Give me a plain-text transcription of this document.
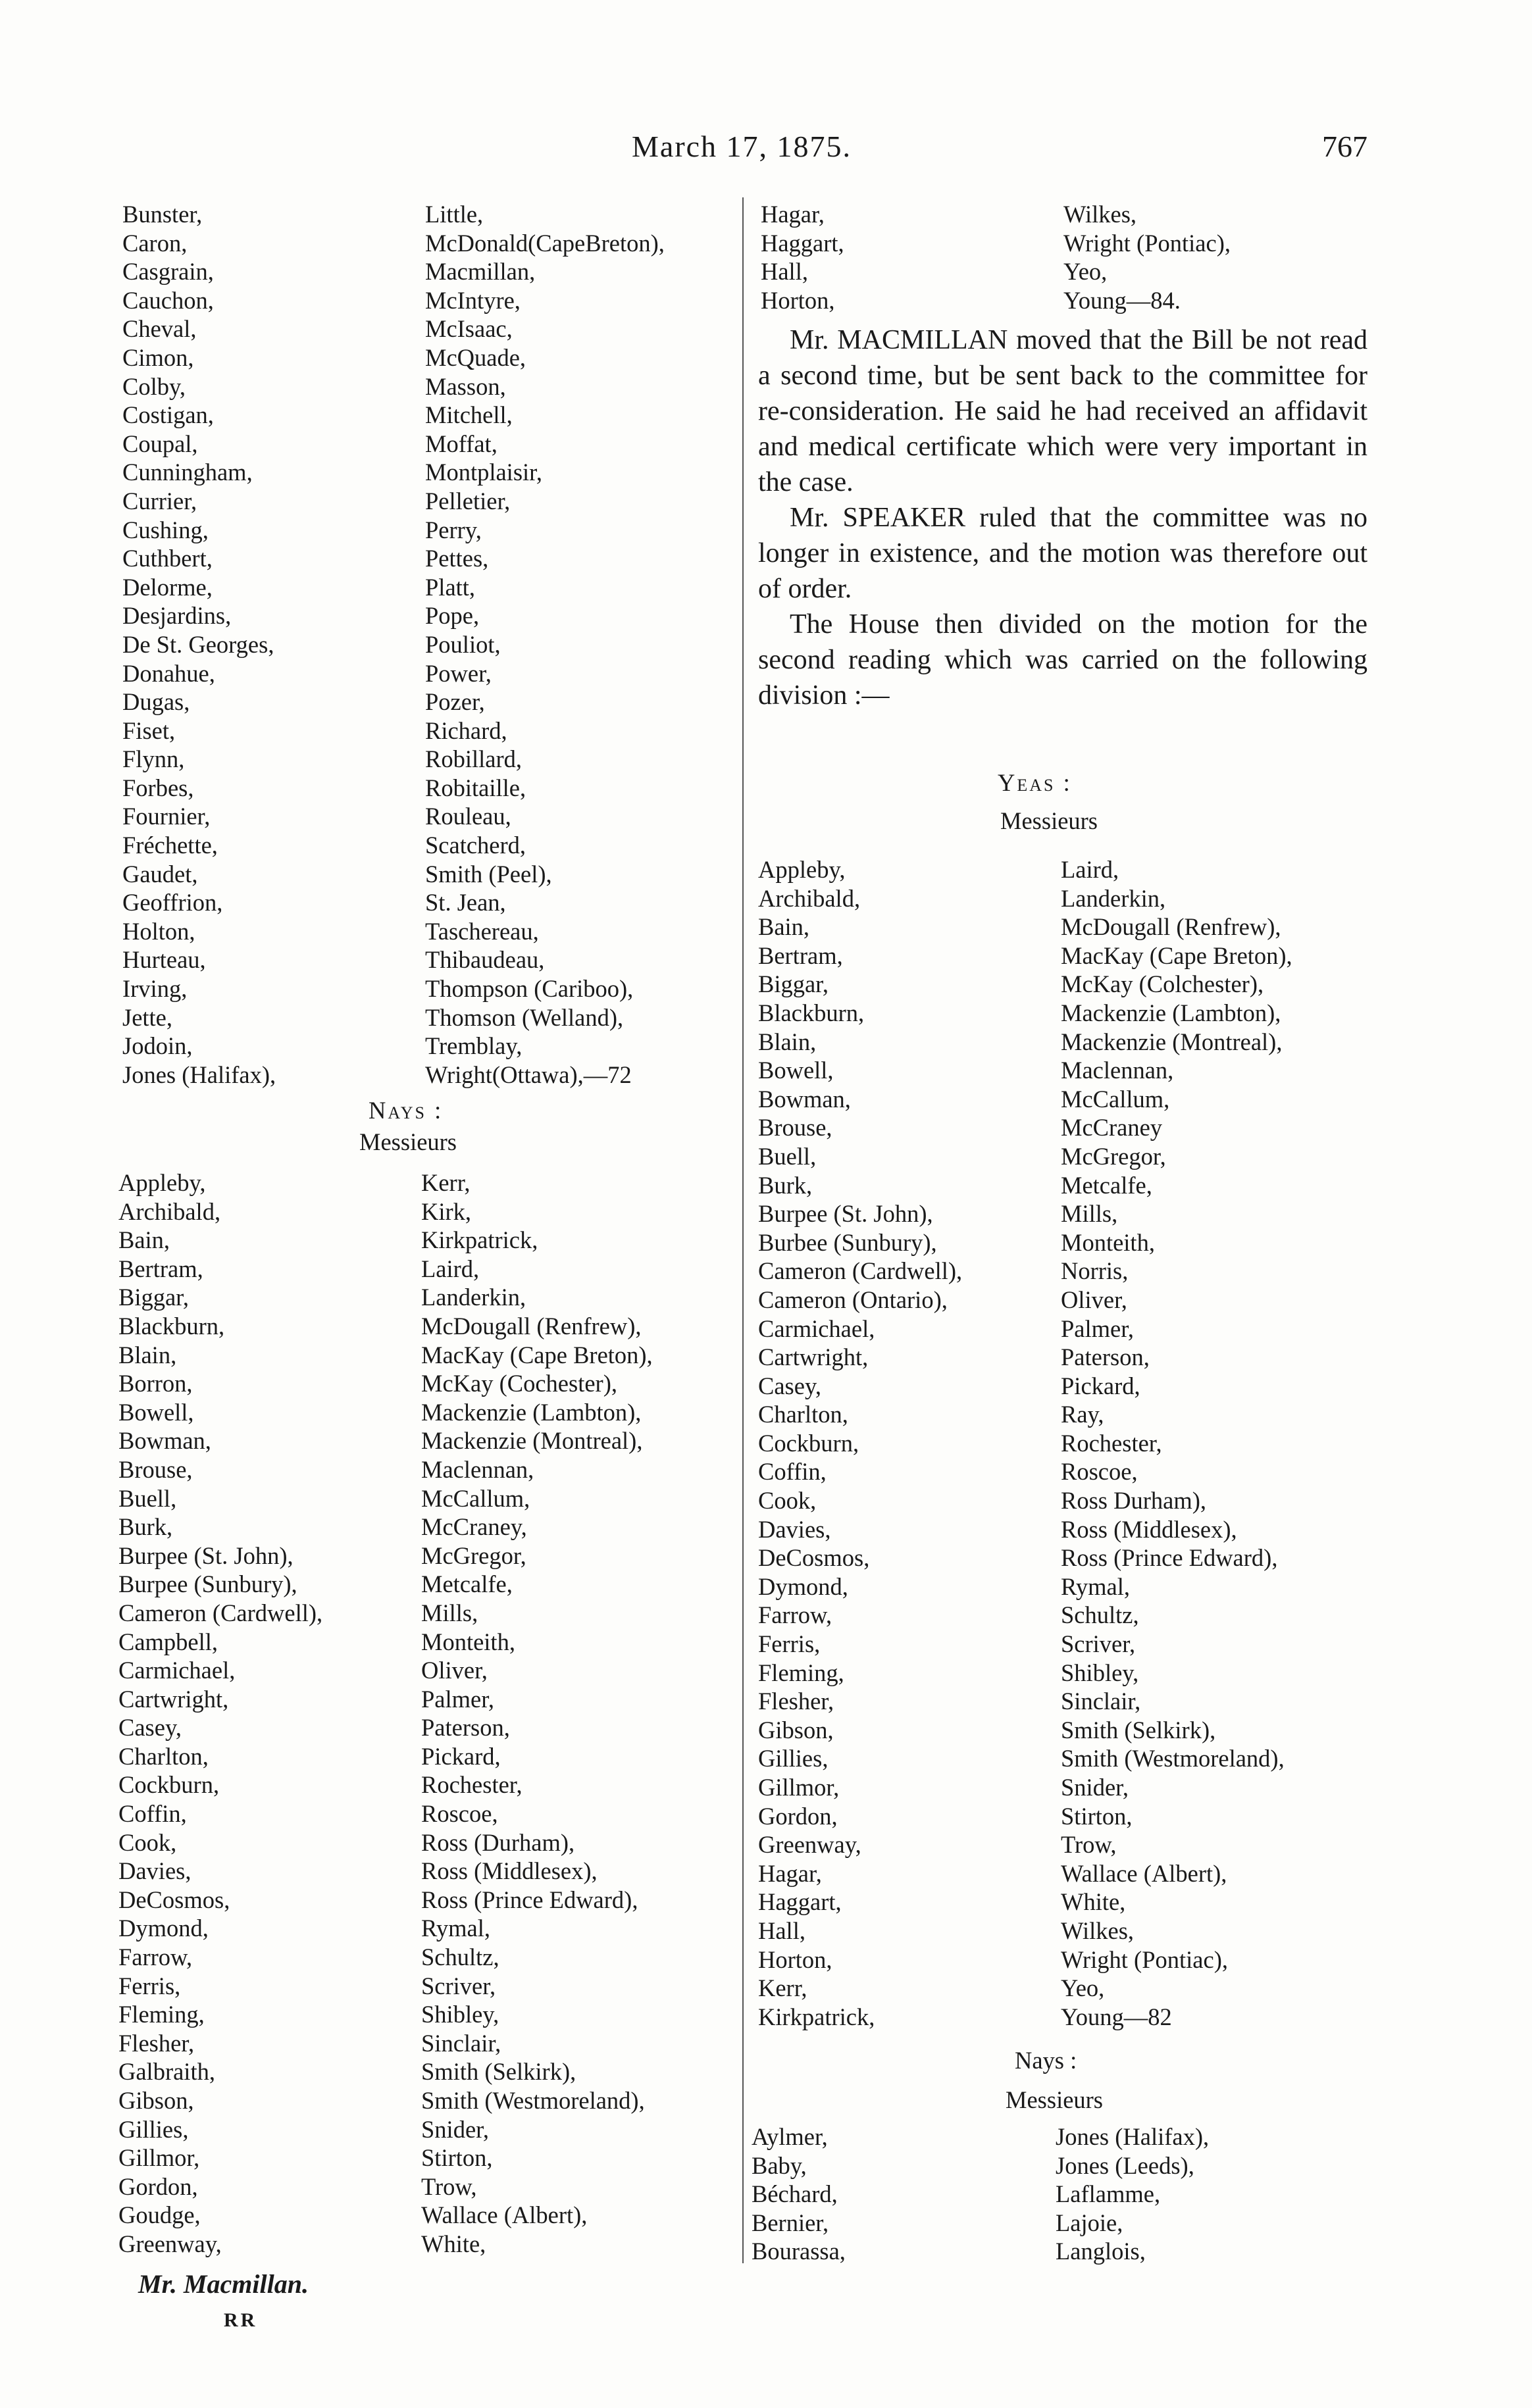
March 17, 1875.	767
Bunster,
Caron,
Casgrain,
Cauchon,
Cheval,
Cimon,
Colby,
Costigan,
Coupal,
Cunningham,
Currier,
Cushing,
Cuthbert,
Delorme,
Desjardins,
De St. Georges,
Donahue,
Dugas,
Fiset,
Flynn,
Forbes,
Fournier,
Fréchette,
Gaudet,
Geoffrion,
Holton,
Hurteau,
Irving,
Jette,
Jodoin,
Jones (Halifax),
Little,
McDonald(CapeBreton),
Macmillan,
McIntyre,
McIsaac,
McQuade,
Masson,
Mitchell,
Moffat,
Montplaisir,
Pelletier,
Perry,
Pettes,
Platt,
Pope,
Pouliot,
Power,
Pozer,
Richard,
Robillard,
Robitaille,
Rouleau,
Scatcherd,
Smith (Peel),
St. Jean,
Taschereau,
Thibaudeau,
Thompson (Cariboo),
Thomson (Welland),
Tremblay,
Wright(Ottawa),—72
Nays :
Messieurs
Appleby,
Archibald,
Bain,
Bertram,
Biggar,
Blackburn,
Blain,
Borron,
Bowell,
Bowman,
Brouse,
Buell,
Burk,
Burpee (St. John),
Burpee (Sunbury),
Cameron (Cardwell),
Campbell,
Carmichael,
Cartwright,
Casey,
Charlton,
Cockburn,
Coffin,
Cook,
Davies,
DeCosmos,
Dymond,
Farrow,
Ferris,
Fleming,
Flesher,
Galbraith,
Gibson,
Gillies,
Gillmor,
Gordon,
Goudge,
Greenway,
Kerr,
Kirk,
Kirkpatrick,
Laird,
Landerkin,
McDougall (Renfrew),
MacKay (Cape Breton),
McKay (Cochester),
Mackenzie (Lambton),
Mackenzie (Montreal),
Maclennan,
McCallum,
McCraney,
McGregor,
Metcalfe,
Mills,
Monteith,
Oliver,
Palmer,
Paterson,
Pickard,
Rochester,
Roscoe,
Ross (Durham),
Ross (Middlesex),
Ross (Prince Edward),
Rymal,
Schultz,
Scriver,
Shibley,
Sinclair,
Smith (Selkirk),
Smith (Westmoreland),
Snider,
Stirton,
Trow,
Wallace (Albert),
White,
Mr. Macmillan.
RR
Hagar,
Haggart,
Hall,
Horton,
Wilkes,
Wright (Pontiac),
Yeo,
Young—84.

Mr. MACMILLAN moved that the Bill be not read a second time, but be sent back to the committee for re-consideration. He said he had received an affidavit and medical certificate which were very important in the case.

Mr. SPEAKER ruled that the committee was no longer in existence, and the motion was therefore out of order.

The House then divided on the motion for the second reading which was carried on the following division :—

Yeas :
Messieurs
Appleby,
Archibald,
Bain,
Bertram,
Biggar,
Blackburn,
Blain,
Bowell,
Bowman,
Brouse,
Buell,
Burk,
Burpee (St. John),
Burbee (Sunbury),
Cameron (Cardwell),
Cameron (Ontario),
Carmichael,
Cartwright,
Casey,
Charlton,
Cockburn,
Coffin,
Cook,
Davies,
DeCosmos,
Dymond,
Farrow,
Ferris,
Fleming,
Flesher,
Gibson,
Gillies,
Gillmor,
Gordon,
Greenway,
Hagar,
Haggart,
Hall,
Horton,
Kerr,
Kirkpatrick,
Laird,
Landerkin,
McDougall (Renfrew),
MacKay (Cape Breton),
McKay (Colchester),
Mackenzie (Lambton),
Mackenzie (Montreal),
Maclennan,
McCallum,
McCraney
McGregor,
Metcalfe,
Mills,
Monteith,
Norris,
Oliver,
Palmer,
Paterson,
Pickard,
Ray,
Rochester,
Roscoe,
Ross Durham),
Ross (Middlesex),
Ross (Prince Edward),
Rymal,
Schultz,
Scriver,
Shibley,
Sinclair,
Smith (Selkirk),
Smith (Westmoreland),
Snider,
Stirton,
Trow,
Wallace (Albert),
White,
Wilkes,
Wright (Pontiac),
Yeo,
Young—82
Nays :
Messieurs
Aylmer,
Baby,
Béchard,
Bernier,
Bourassa,
Jones (Halifax),
Jones (Leeds),
Laflamme,
Lajoie,
Langlois,
